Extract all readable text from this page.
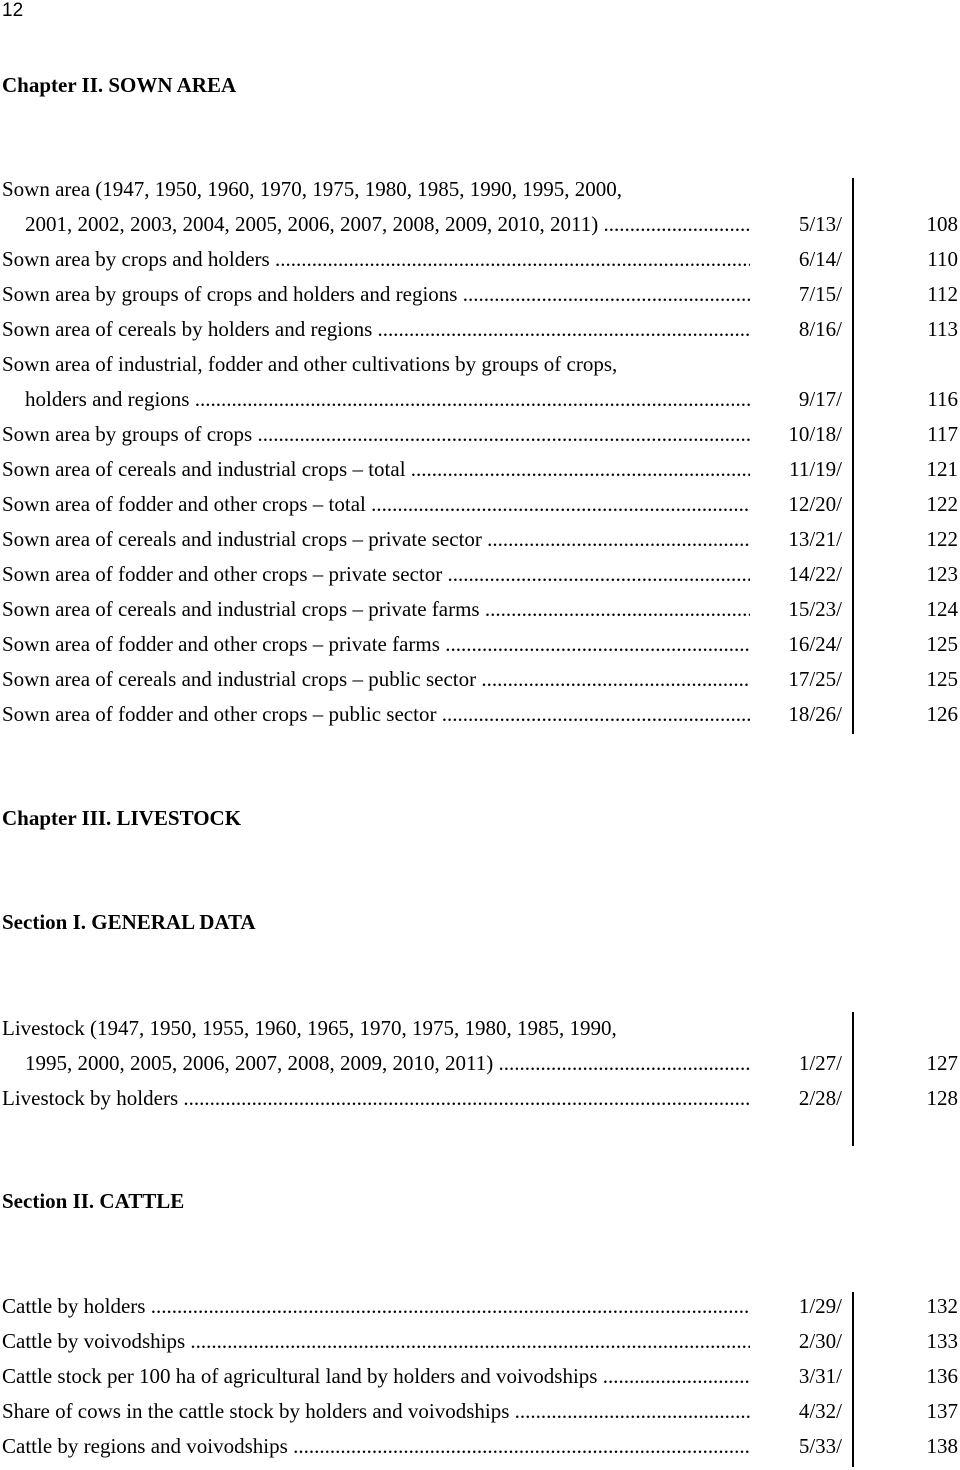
12
Chapter II. SOWN AREA
Sown area (1947, 1950, 1960, 1970, 1975, 1980, 1985, 1990, 1995, 2000,
2001, 2002, 2003, 2004, 2005, 2006, 2007, 2008, 2009, 2010, 2011) .....	5/13/	108
Sown area by crops and holders .....	6/14/	110
Sown area by groups of crops and holders and regions .....	7/15/	112
Sown area of cereals by holders and regions .....	8/16/	113
Sown area of industrial, fodder and other cultivations by groups of crops,
holders and regions .....	9/17/	116
Sown area by groups of crops .....	10/18/	117
Sown area of cereals and industrial crops – total .....	11/19/	121
Sown area of fodder and other crops – total .....	12/20/	122
Sown area of cereals and industrial crops – private sector .....	13/21/	122
Sown area of fodder and other crops – private sector .....	14/22/	123
Sown area of cereals and industrial crops – private farms .....	15/23/	124
Sown area of fodder and other crops – private farms .....	16/24/	125
Sown area of cereals and industrial crops – public sector .....	17/25/	125
Sown area of fodder and other crops – public sector .....	18/26/	126
Chapter III. LIVESTOCK
Section I. GENERAL DATA
Livestock (1947, 1950, 1955, 1960, 1965, 1970, 1975, 1980, 1985, 1990,
1995, 2000, 2005, 2006, 2007, 2008, 2009, 2010, 2011) .....	1/27/	127
Livestock by holders .....	2/28/	128
Section II. CATTLE
Cattle by holders .....	1/29/	132
Cattle by voivodships .....	2/30/	133
Cattle stock per 100 ha of agricultural land by holders and voivodships .....	3/31/	136
Share of cows in the cattle stock by holders and voivodships .....	4/32/	137
Cattle by regions and voivodships .....	5/33/	138
